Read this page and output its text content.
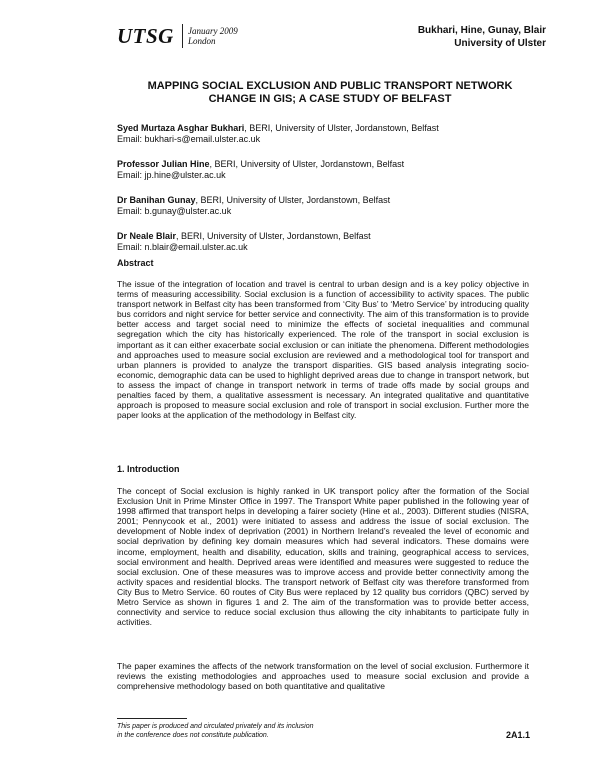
UTSG January 2009
London
Bukhari, Hine, Gunay, Blair
University of Ulster
MAPPING SOCIAL EXCLUSION AND PUBLIC TRANSPORT NETWORK
CHANGE IN GIS; A CASE STUDY OF BELFAST
Syed Murtaza Asghar Bukhari, BERI, University of Ulster, Jordanstown, Belfast
Email: bukhari-s@email.ulster.ac.uk
Professor Julian Hine, BERI, University of Ulster, Jordanstown, Belfast
Email: jp.hine@ulster.ac.uk
Dr Banihan Gunay, BERI, University of Ulster, Jordanstown, Belfast
Email: b.gunay@ulster.ac.uk
Dr Neale Blair, BERI, University of Ulster, Jordanstown, Belfast
Email: n.blair@email.ulster.ac.uk
Abstract
The issue of the integration of location and travel is central to urban design and is a key policy objective in terms of measuring accessibility. Social exclusion is a function of accessibility to activity spaces. The public transport network in Belfast city has been transformed from ‘City Bus’ to ‘Metro Service’ by introducing quality bus corridors and night service for better service and connectivity. The aim of this transformation is to provide better access and target social need to minimize the effects of societal inequalities and communal segregation which the city has historically experienced. The role of the transport in social exclusion is important as it can either exacerbate social exclusion or can initiate the phenomena. Different methodologies and approaches used to measure social exclusion are reviewed and a methodological tool for transport and urban planners is provided to analyze the transport disparities. GIS based analysis integrating socio-economic, demographic data can be used to highlight deprived areas due to change in transport network, but to assess the impact of change in transport network in terms of trade offs made by social groups and penalties faced by them, a qualitative assessment is necessary. An integrated qualitative and quantitative approach is proposed to measure social exclusion and role of transport in social exclusion. Further more the paper looks at the application of the methodology in Belfast city.
1. Introduction
The concept of Social exclusion is highly ranked in UK transport policy after the formation of the Social Exclusion Unit in Prime Minster Office in 1997. The Transport White paper published in the following year of 1998 affirmed that transport helps in developing a fairer society (Hine et al., 2003). Different studies (NISRA, 2001; Pennycook et al., 2001) were initiated to assess and address the issue of social exclusion. The development of Noble index of deprivation (2001) in Northern Ireland’s revealed the level of economic and social deprivation by defining key domain measures which had several indicators. These domains were income, employment, health and disability, education, skills and training, geographical access to services, social environment and health. Deprived areas were identified and measures were suggested to reduce the social exclusion. One of these measures was to improve access and provide better connectivity among the activity spaces and residential blocks. The transport network of Belfast city was therefore transformed from City Bus to Metro Service. 60 routes of City Bus were replaced by 12 quality bus corridors (QBC) served by Metro Service as shown in figures 1 and 2. The aim of the transformation was to provide better access, connectivity and service to reduce social exclusion thus allowing the city inhabitants to participate fully in activities.
The paper examines the affects of the network transformation on the level of social exclusion. Furthermore it reviews the existing methodologies and approaches used to measure social exclusion and provide a comprehensive methodology based on both quantitative and qualitative
This paper is produced and circulated privately and its inclusion
in the conference does not constitute publication.	2A1.1
